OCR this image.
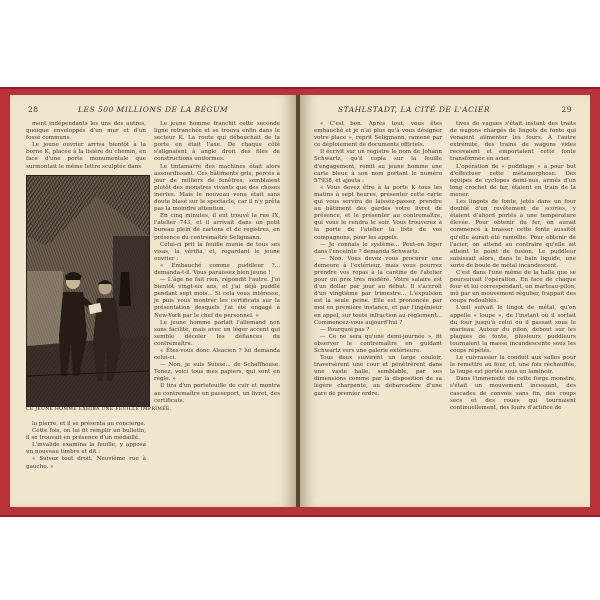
28	LES 500 MILLIONS DE LA BÉGUM

ment indépendants les uns des autres, quoique enveloppés d'un mur et d'un fossé communs.

Le jeune ouvrier arriva bientôt à la borne K, placée à la lisière du chemin, en face d'une porte monumentale que surmontait le même lettre sculptée dans

CE JEUNE HOMME EXHIBA UNE FEUILLE IMPRIMÉE.

la pierre, et il se présenta au concierge.

Cette fois, on lui fit remplir un bulletin, il se trouvait en présence d'un médaillé.

L'invalide examina la feuille, y apposa un nouveau timbre et dit :

« Suivez tout droit. Neuvième rue à gauche. »

Le jeune homme franchit cette seconde ligne retranchée et se trouva enfin dans le secteur K. La route qui débouchait de la porte en était l'axe. De chaque côté s'alignaient à angle droit des files de constructions uniformes.

Le tintamarre des machines était alors assourdissant. Ces bâtiments gris, percés à jour de milliers de fenêtres, semblaient plutôt des monstres vivants que des choses inertes. Mais le nouveau venu était sans doute blasé sur le spectacle, car il n'y prêta pas la moindre attention.

En cinq minutes, il eut trouvé la rue IX, l'atelier 743, et il arrivait dans un petit bureau plein de cartons et de registres, en présence du contremaître Seligmann.

Celui-ci prit la feuille munie de tous ses visas, la vérifia, et, regardant le jeune ouvrier :

« Embauché comme puddleur ?... demanda-t-il. Vous paraissez bien jeune !

— L'âge ne fait rien, répondit l'autre. J'ai bientôt vingt-six ans, et j'ai déjà puddlé pendant sept mois... Si cela vous intéresse, je puis vous montrer les certificats sur la présentation desquels j'ai été engagé à New-York par le chef du personnel. »

Le jeune homme parlait l'allemand non sans facilité, mais avec un léger accent qui semble déceler les défiances du contremaître.

« Êtes-vous donc Alsacien ? lui demanda celui-ci.

— Non, je suis Suisse... de Schaffhouse. Tenez, voici tous mes papiers, qui sont en règle. »

Il tira d'un portefeuille de cuir et montra au contremaître un passeport, un livret, des certificats.

STAHLSTADT, LA CITÉ DE L'ACIER	29

« C'est bon. Après tout, vous êtes embauché et je n'ai plus qu'à vous désigner votre place », reprit Seligmann, ramené par ce déploiement de documents officiels.

Il écrivit sur un registre le nom de Johann Schwartz, qu'il copia sur la feuille d'engagement, remit au jeune homme une carte bleue à son nom portant le numéro 57938, et ajouta :

« Vous devez être à la porte K tous les matins à sept heures, présenter cette carte qui vous servira de laissez-passer, prendre au bâtiment des gardes votre livret de présence, et le présenter au contremaître, qui vous le rendra le soir. Vous trouverez à la porte de l'atelier la liste de vos compagnons, pour les appels.

— Je connais le système... Peut-on loger dans l'enceinte ? demanda Schwartz.

— Non. Vous devez vous procurer une demeure à l'extérieur, mais vous pourrez prendre vos repas à la cantine de l'atelier pour un prix très modéré. Votre salaire est d'un dollar par jour au début. Il s'accroît d'un vingtième par trimestre... L'expulsion est la seule peine. Elle est prononcée par moi en première instance, et par l'ingénieur en appel, sur toute infraction au règlement... Commencez-vous aujourd'hui ?

— Pourquoi pas ?

— Ce ne sera qu'une demi-journée », fit observer le contremaître en guidant Schwartz vers une galerie extérieure.

Tous deux suivirent un large couloir, traversèrent une cour et pénétrèrent dans une vaste halle, semblable, par ses dimensions comme par la disposition de sa légère charpente, au débarcadère d'une gare de premier ordre.

tives de vagues s'était instant des traits de wagons chargés de lingots de fonte qui venaient alimenter les fours. À l'autre extrémité, des trains de wagons vides recevaient et emportaient cette fonte transformée en acier.

L'opération de « puddlage » a pour but d'effectuer cette métamorphose. Des équipes de cyclopes demi-nus, armés d'un long crochet de fer, étaient en train de la mener.

Les lingots de fonte, jetés dans un four doublé d'un revêtement de scories, y étaient d'abord portés à une température élevée. Pour obtenir du fer, on aurait commencé à brasser cette fonte aussitôt qu'elle aurait été ramollie. Pour obtenir de l'acier, on attend au contraire qu'elle ait atteint le point de fusion. Le puddleur saisissait alors, dans le bain liquide, une sorte de boule de métal incandescent.

C'est dans l'une même de la halle que se poursuivait l'opération. En face de chaque four et lui correspondant, un marteau-pilon, mû par un mouvement régulier, frappait des coups redoublés.

L'œil suivait le lingot de métal, qu'on appelle « loupe », de l'instant où il sortait du four jusqu'à celui où il passait sous le marteau. Autour du pilon, debout sur les plaques de fonte, plusieurs puddleurs tournaient la masse incandescente sous les coups répétés.

Le cuivrassier la conduit aux salles pour le remettre au four, et, une fois réchauffée, la loupe est portée sous un laminoir.

Dans l'immensité de cette forge monstre, s'était un mouvement incessant, des cascades de convois sans fin, des coups secs et des roues qui tournaient continuellement, des fours d'artifice de
